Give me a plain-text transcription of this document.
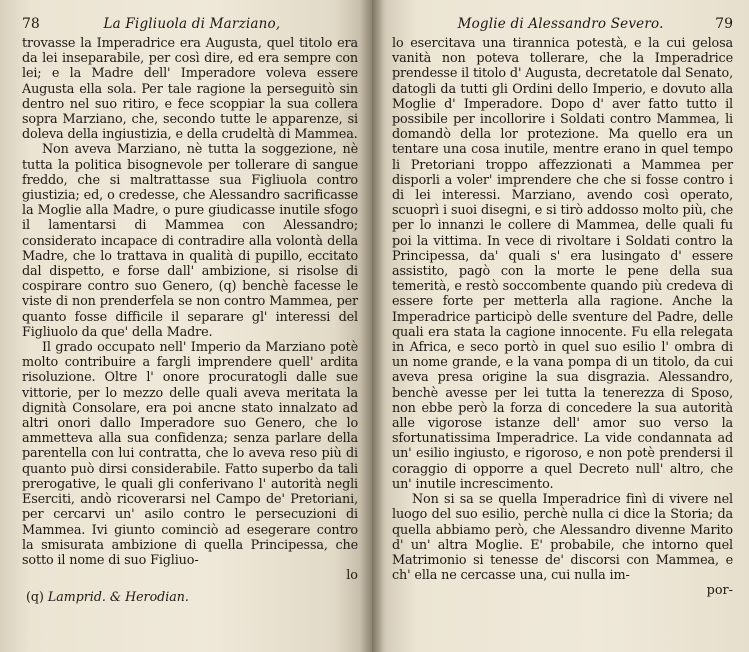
78	La Figliuola di Marziano,

trovasse la Imperadrice era Augusta, quel titolo era da lei inseparabile, per così dire, ed era sempre con lei; e la Madre dell' Imperadore voleva essere Augusta ella sola. Per tale ragione la perseguitò sin dentro nel suo ritiro, e fece scoppiar la sua collera sopra Marziano, che, secondo tutte le apparenze, si doleva della ingiustizia, e della crudeltà di Mammea.

Non aveva Marziano, nè tutta la soggezione, nè tutta la politica bisognevole per tollerare di sangue freddo, che si maltrattasse sua Figliuola contro giustizia; ed, o credesse, che Alessandro sacrificasse la Moglie alla Madre, o pure giudicasse inutile sfogo il lamentarsi di Mammea con Alessandro; considerato incapace di contradire alla volontà della Madre, che lo trattava in qualità di pupillo, eccitato dal dispetto, e forse dall' ambizione, si risolse di cospirare contro suo Genero, (q) benchè facesse le viste di non prenderfela se non contro Mammea, per quanto fosse difficile il separare gl' interessi del Figliuolo da que' della Madre.

Il grado occupato nell' Imperio da Marziano potè molto contribuire a fargli imprendere quell' ardita risoluzione. Oltre l' onore procuratogli dalle sue vittorie, per lo mezzo delle quali aveva meritata la dignità Consolare, era poi ancne stato innalzato ad altri onori dallo Imperadore suo Genero, che lo ammetteva alla sua confidenza; senza parlare della parentella con lui contratta, che lo aveva reso più di quanto può dirsi considerabile. Fatto superbo da tali prerogative, le quali gli conferivano l' autorità negli Eserciti, andò ricoverarsi nel Campo de' Pretoriani, per cercarvi un' asilo contro le persecuzioni di Mammea. Ivi giunto cominciò ad esegerare contro la smisurata ambizione di quella Principessa, che sotto il nome di suo Figliuo-

lo
(q) Lamprid. & Herodian.
Moglie di Alessandro Severo.	79

lo esercitava una tirannica potestà, e la cui gelosa vanità non poteva tollerare, che la Imperadrice prendesse il titolo d' Augusta, decretatole dal Senato, datogli da tutti gli Ordini dello Imperio, e dovuto alla Moglie d' Imperadore. Dopo d' aver fatto tutto il possibile per incollorire i Soldati contro Mammea, li domandò della lor protezione. Ma quello era un tentare una cosa inutile, mentre erano in quel tempo li Pretoriani troppo affezzionati a Mammea per disporli a voler' imprendere che che si fosse contro i di lei interessi. Marziano, avendo così operato, scuoprì i suoi disegni, e si tirò addosso molto più, che per lo innanzi le collere di Mammea, delle quali fu poi la vittima. In vece di rivoltare i Soldati contro la Principessa, da' quali s' era lusingato d' essere assistito, pagò con la morte le pene della sua temerità, e restò soccombente quando più credeva di essere forte per metterla alla ragione. Anche la Imperadrice participò delle sventure del Padre, delle quali era stata la cagione innocente. Fu ella relegata in Africa, e seco portò in quel suo esilio l' ombra di un nome grande, e la vana pompa di un titolo, da cui aveva presa origine la sua disgrazia. Alessandro, benchè avesse per lei tutta la tenerezza di Sposo, non ebbe però la forza di concedere la sua autorità alle vigorose istanze dell' amor suo verso la sfortunatissima Imperadrice. La vide condannata ad un' esilio ingiusto, e rigoroso, e non potè prendersi il coraggio di opporre a quel Decreto null' altro, che un' inutile increscimento.

Non si sa se quella Imperadrice finì di vivere nel luogo del suo esilio, perchè nulla ci dice la Storia; da quella abbiamo però, che Alessandro divenne Marito d' un' altra Moglie. E' probabile, che intorno quel Matrimonio si tenesse de' discorsi con Mammea, e ch' ella ne cercasse una, cui nulla im-

por-
